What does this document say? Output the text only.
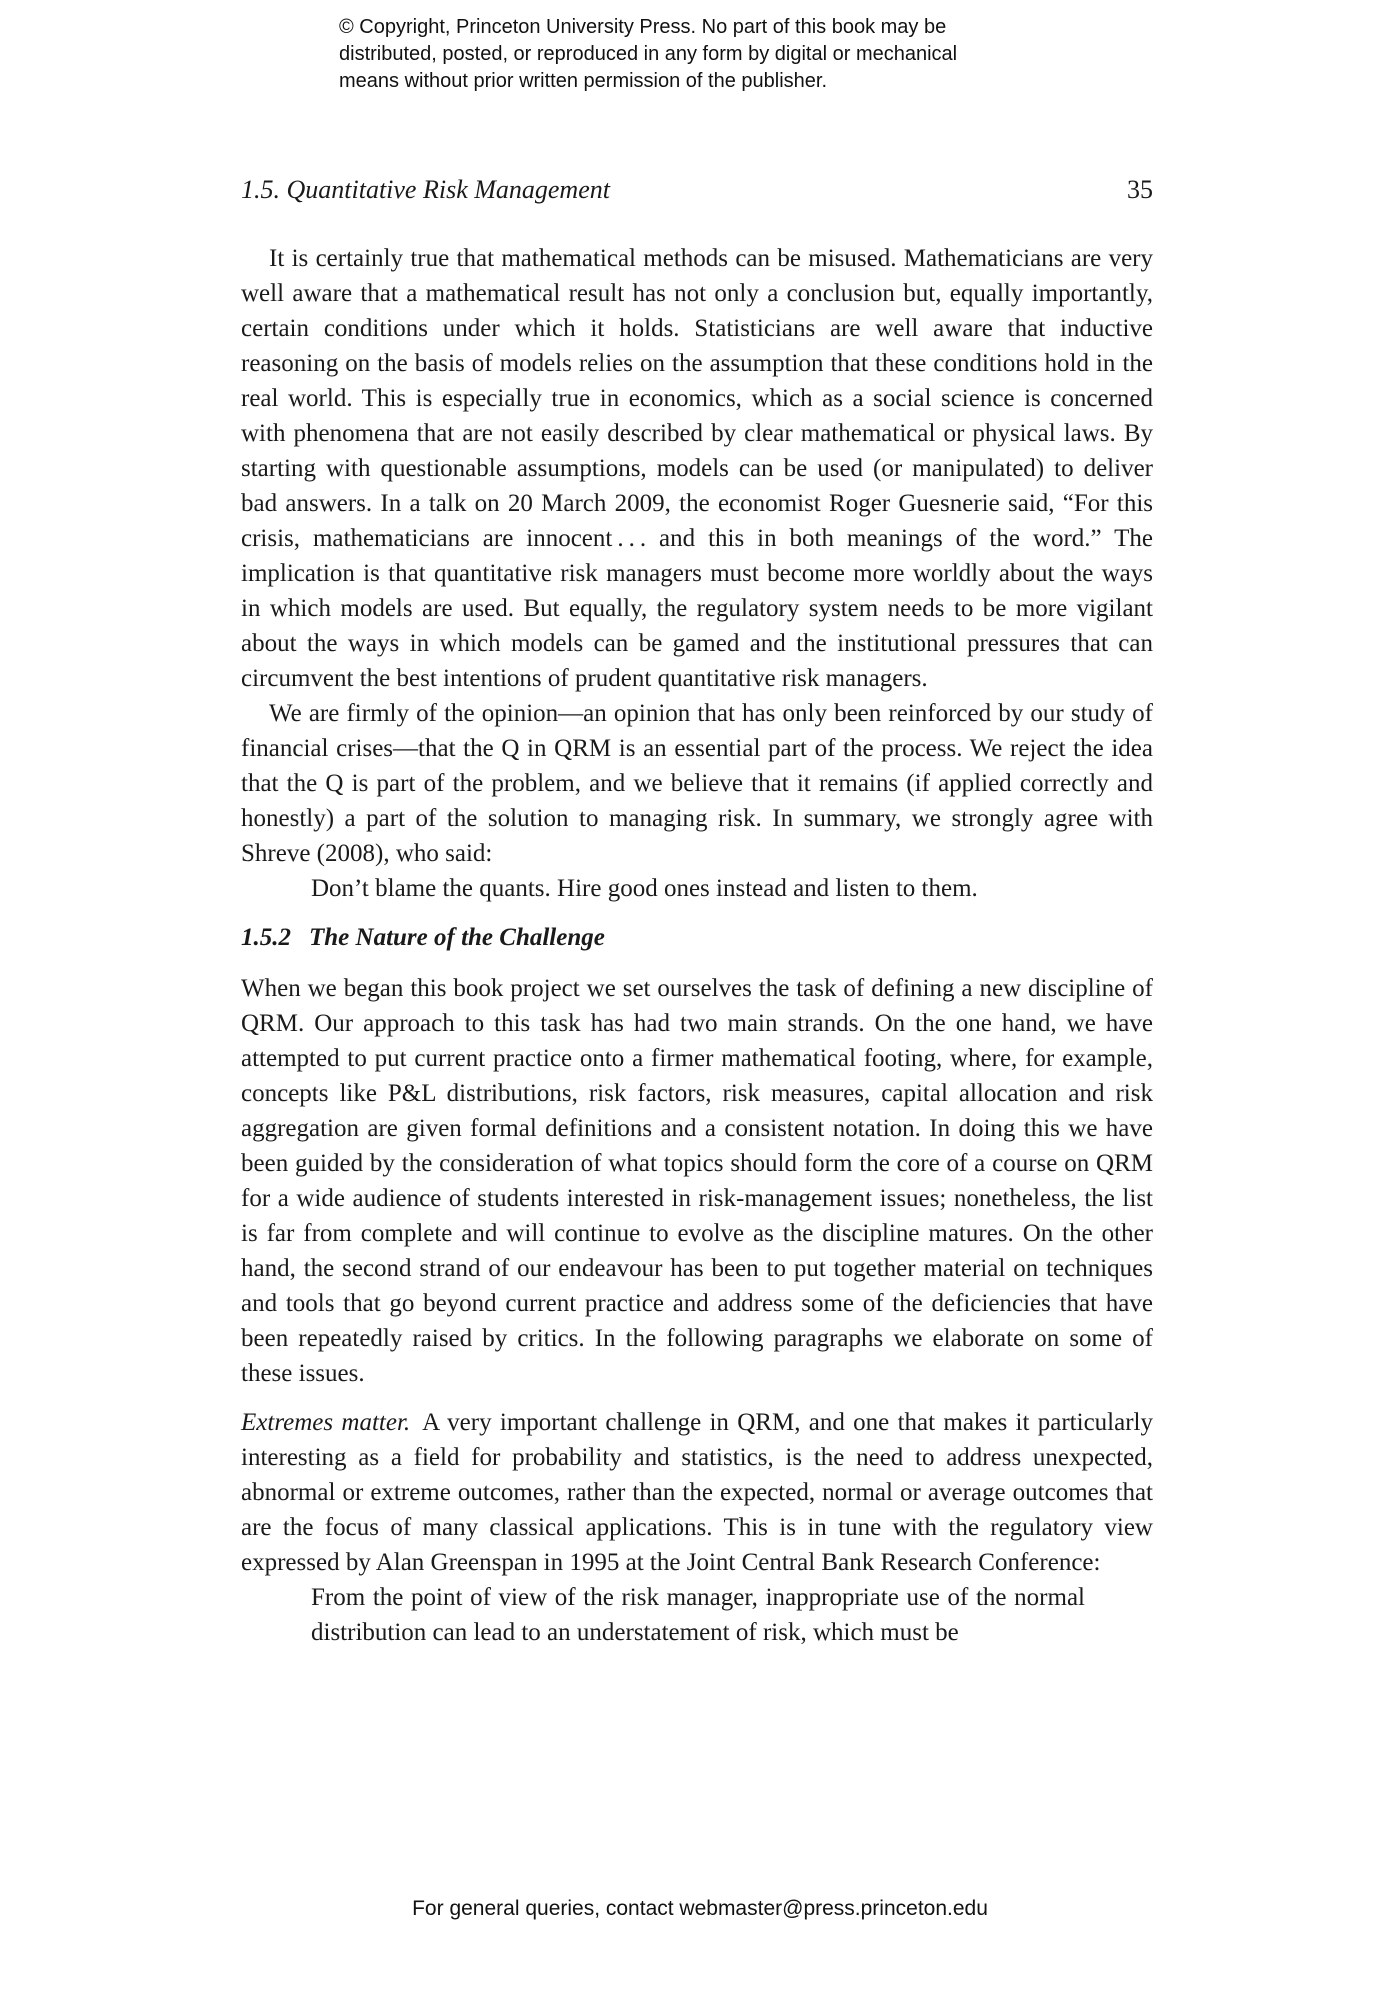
© Copyright, Princeton University Press. No part of this book may be
distributed, posted, or reproduced in any form by digital or mechanical
means without prior written permission of the publisher.
1.5. Quantitative Risk Management	35

It is certainly true that mathematical methods can be misused. Mathematicians are very well aware that a mathematical result has not only a conclusion but, equally importantly, certain conditions under which it holds. Statisticians are well aware that inductive reasoning on the basis of models relies on the assumption that these conditions hold in the real world. This is especially true in economics, which as a social science is concerned with phenomena that are not easily described by clear mathematical or physical laws. By starting with questionable assumptions, models can be used (or manipulated) to deliver bad answers. In a talk on 20 March 2009, the economist Roger Guesnerie said, “For this crisis, mathematicians are innocent . . . and this in both meanings of the word.” The implication is that quantitative risk managers must become more worldly about the ways in which models are used. But equally, the regulatory system needs to be more vigilant about the ways in which models can be gamed and the institutional pressures that can circumvent the best intentions of prudent quantitative risk managers.

We are firmly of the opinion—an opinion that has only been reinforced by our study of financial crises—that the Q in QRM is an essential part of the process. We reject the idea that the Q is part of the problem, and we believe that it remains (if applied correctly and honestly) a part of the solution to managing risk. In summary, we strongly agree with Shreve (2008), who said:

Don’t blame the quants. Hire good ones instead and listen to them.

1.5.2 The Nature of the Challenge

When we began this book project we set ourselves the task of defining a new discipline of QRM. Our approach to this task has had two main strands. On the one hand, we have attempted to put current practice onto a firmer mathematical footing, where, for example, concepts like P&L distributions, risk factors, risk measures, capital allocation and risk aggregation are given formal definitions and a consistent notation. In doing this we have been guided by the consideration of what topics should form the core of a course on QRM for a wide audience of students interested in risk-management issues; nonetheless, the list is far from complete and will continue to evolve as the discipline matures. On the other hand, the second strand of our endeavour has been to put together material on techniques and tools that go beyond current practice and address some of the deficiencies that have been repeatedly raised by critics. In the following paragraphs we elaborate on some of these issues.

Extremes matter. A very important challenge in QRM, and one that makes it particularly interesting as a field for probability and statistics, is the need to address unexpected, abnormal or extreme outcomes, rather than the expected, normal or average outcomes that are the focus of many classical applications. This is in tune with the regulatory view expressed by Alan Greenspan in 1995 at the Joint Central Bank Research Conference:

From the point of view of the risk manager, inappropriate use of the normal distribution can lead to an understatement of risk, which must be

For general queries, contact webmaster@press.princeton.edu
